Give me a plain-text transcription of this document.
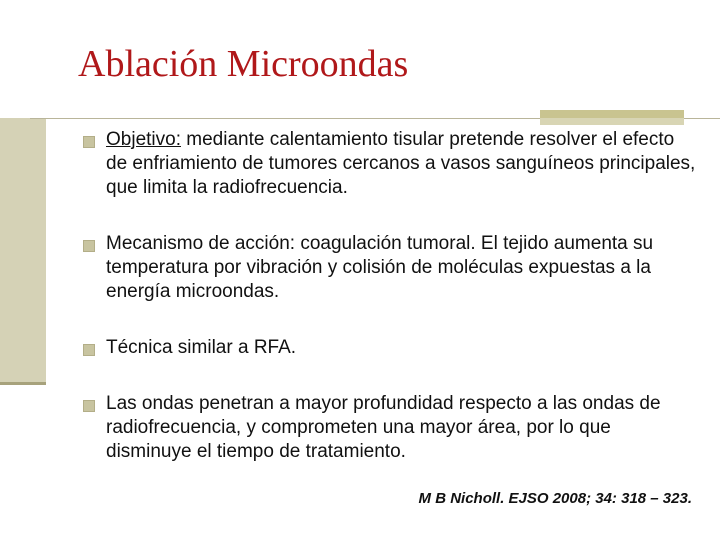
Ablación Microondas
Objetivo: mediante calentamiento tisular pretende resolver el efecto de enfriamiento de tumores cercanos a vasos sanguíneos principales, que limita la radiofrecuencia.
Mecanismo de acción: coagulación tumoral. El tejido aumenta su temperatura por vibración y colisión de moléculas expuestas a la energía microondas.
Técnica similar a RFA.
Las ondas penetran a mayor profundidad respecto a las ondas de radiofrecuencia, y comprometen una mayor área, por lo que disminuye el tiempo de tratamiento.
M B Nicholl. EJSO 2008; 34: 318 – 323.
